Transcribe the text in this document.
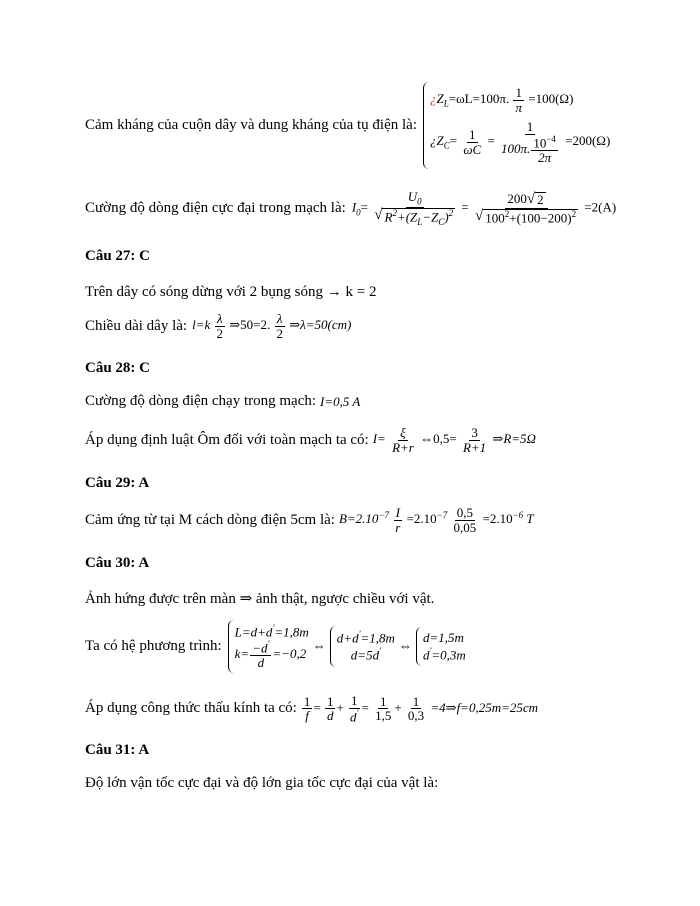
Cảm kháng của cuộn dây và dung kháng của tụ điện là:
¿$Z_L=\omega L=100\pi$. $\frac{1}{\pi} =100(\Omega)$
¿$Z_C= \frac{1}{\omega C} = \frac{1}{100\pi. \frac{10^{-4}}{2\pi}} =200(\Omega)$
Cường độ dòng điện cực đại trong mạch là: $I_0= \frac{U_0}{√ R^2+(Z_L-Z_C)^2} = \frac{200 √ 2}{√ 100^2+(100-200)^2} =2(A)$
Câu 27: C
Trên dây có sóng dừng với 2 bụng sóng → k = 2
Chiều dài dây là: $l=k \frac{\lambda}{2}$ ⇒50=2. $\frac{\lambda}{2}$ ⇒λ=50(cm)
Câu 28: C
Cường độ dòng điện chạy trong mạch: I=0,5 A
Áp dụng định luật Ôm đối với toàn mạch ta có: $I= \frac{\xi}{R+r}$ ⇔0,5= $\frac{3}{R+1}$ ⇒R=5Ω
Câu 29: A
Cảm ứng từ tại M cách dòng điện 5cm là: $B=2.10^{-7} \frac{I}{r} =2.10^{-7} \frac{0,5}{0,05} =2.10^{-6}$ T
Câu 30: A
Ảnh hứng được trên màn ⇒ ảnh thật, ngược chiều với vật.
Ta có hệ phương trình:
L=d+d'=1,8m
$k= \frac{-d'}{d} =-0,2$
⇔
d+d'=1,8m
d=5d'	⇔
d=1,5m
d'=0,3m
Áp dụng công thức thấu kính ta có: $\frac{1}{f} = \frac{1}{d} + \frac{1}{d'} = \frac{1}{1,5} + \frac{1}{0,3}$ =4⇒f=0,25m=25cm
Câu 31: A
Độ lớn vận tốc cực đại và độ lớn gia tốc cực đại của vật là:
